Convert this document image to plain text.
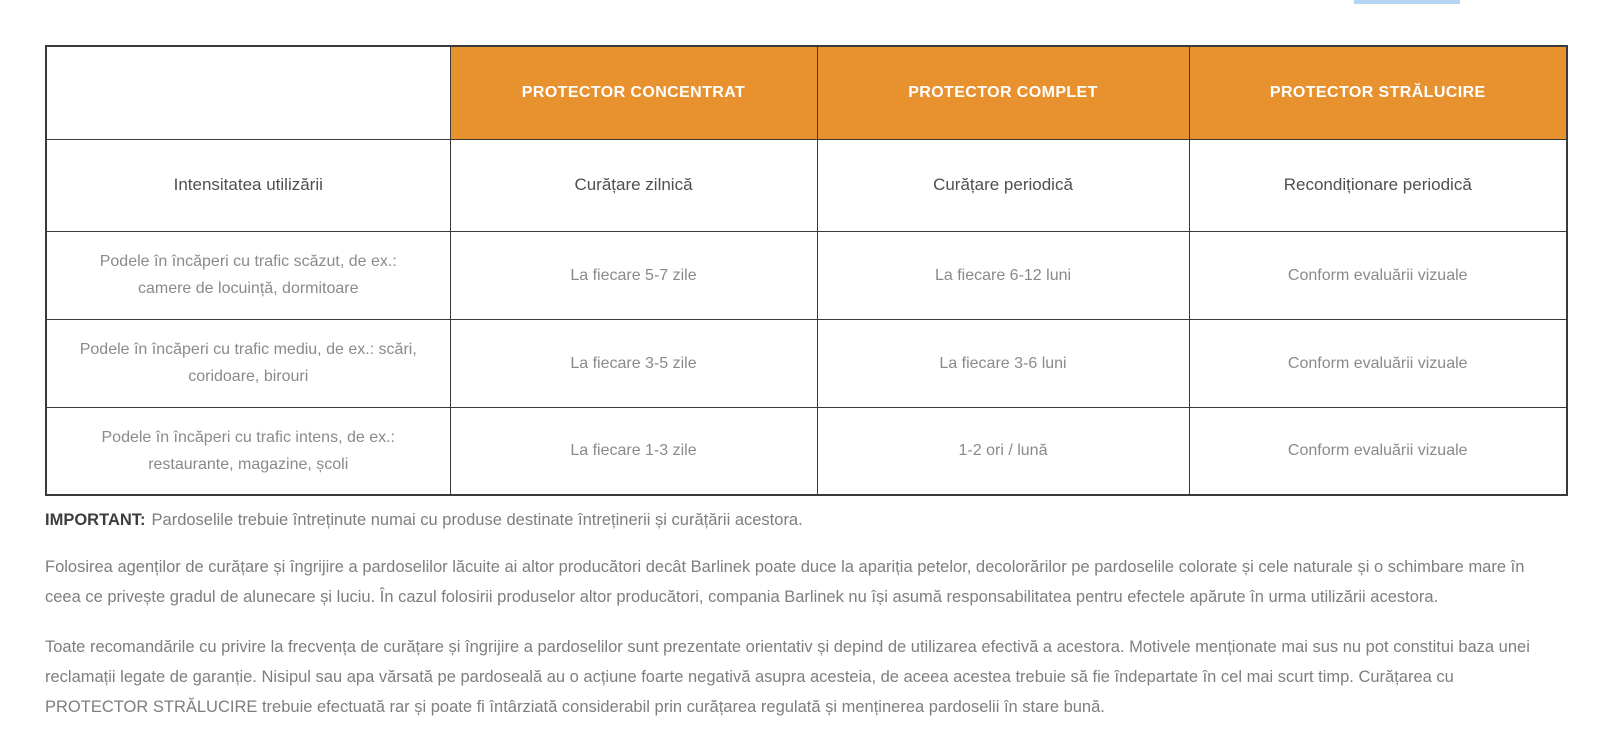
	PROTECTOR CONCENTRAT	PROTECTOR COMPLET	PROTECTOR STRĂLUCIRE
Intensitatea utilizării	Curățare zilnică	Curățare periodică	Recondiționare periodică
Podele în încăperi cu trafic scăzut, de ex.: camere de locuință, dormitoare	La fiecare 5-7 zile	La fiecare 6-12 luni	Conform evaluării vizuale
Podele în încăperi cu trafic mediu, de ex.: scări, coridoare, birouri	La fiecare 3-5 zile	La fiecare 3-6 luni	Conform evaluării vizuale
Podele în încăperi cu trafic intens, de ex.: restaurante, magazine, școli	La fiecare 1-3 zile	1-2 ori / lună	Conform evaluării vizuale
IMPORTANT: Pardoselile trebuie întreținute numai cu produse destinate întreținerii și curățării acestora.

Folosirea agenților de curățare și îngrijire a pardoselilor lăcuite ai altor producători decât Barlinek poate duce la apariția petelor, decolorărilor pe pardoselile colorate și cele naturale și o schimbare mare în ceea ce privește gradul de alunecare și luciu. În cazul folosirii produselor altor producători, compania Barlinek nu își asumă responsabilitatea pentru efectele apărute în urma utilizării acestora.

Toate recomandările cu privire la frecvența de curățare și îngrijire a pardoselilor sunt prezentate orientativ și depind de utilizarea efectivă a acestora. Motivele menționate mai sus nu pot constitui baza unei reclamații legate de garanție. Nisipul sau apa vărsată pe pardoseală au o acțiune foarte negativă asupra acesteia, de aceea acestea trebuie să fie îndepartate în cel mai scurt timp. Curățarea cu PROTECTOR STRĂLUCIRE trebuie efectuată rar și poate fi întârziată considerabil prin curățarea regulată și menținerea pardoselii în stare bună.
